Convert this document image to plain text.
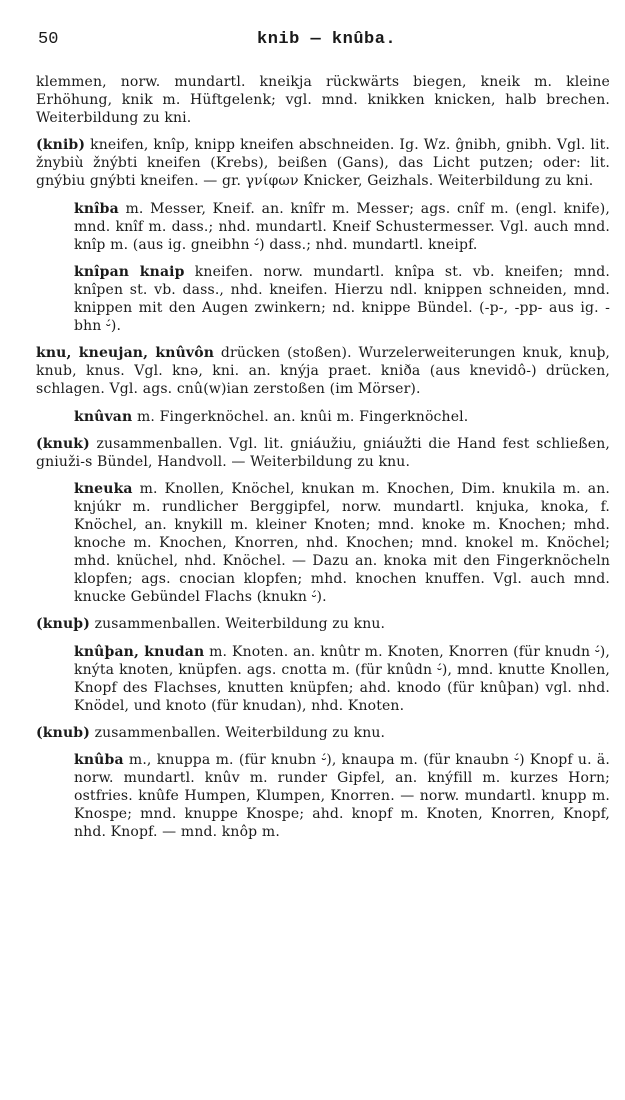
50	knib — knûba.

klemmen, norw. mundartl. kneikja rückwärts biegen, kneik m. kleine Erhöhung, knik m. Hüftgelenk; vgl. mnd. knikken knicken, halb brechen. Weiterbildung zu kni.

(knib) kneifen, knîp, knipp kneifen abschneiden. Ig. Wz. ĝnibh, gnibh. Vgl. lit. žnybiù žnýbti kneifen (Krebs), beißen (Gans), das Licht putzen; oder: lit. gnýbiu gnýbti kneifen. — gr. γνίφων Knicker, Geizhals. Weiterbildung zu kni.

knîba m. Messer, Kneif. an. knîfr m. Messer; ags. cnîf m. (engl. knife), mnd. knîf m. dass.; nhd. mundartl. Kneif Schustermesser. Vgl. auch mnd. knîp m. (aus ig. gneibhn ⏑́) dass.; nhd. mundartl. kneipf.

knîpan knaip kneifen. norw. mundartl. knîpa st. vb. kneifen; mnd. knîpen st. vb. dass., nhd. kneifen. Hierzu ndl. knippen schneiden, mnd. knippen mit den Augen zwinkern; nd. knippe Bündel. (-p-, -pp- aus ig. -bhn ⏑́).

knu, kneujan, knûvôn drücken (stoßen). Wurzelerweiterungen knuk, knuþ, knub, knus. Vgl. knə, kni. an. knýja praet. kniða (aus knevidô-) drücken, schlagen. Vgl. ags. cnû(w)ian zerstoßen (im Mörser).

knûvan m. Fingerknöchel. an. knûi m. Fingerknöchel.

(knuk) zusammenballen. Vgl. lit. gniáužiu, gniáužti die Hand fest schließen, gniuži-s Bündel, Handvoll. — Weiterbildung zu knu.

kneuka m. Knollen, Knöchel, knukan m. Knochen, Dim. knukila m. an. knjúkr m. rundlicher Berggipfel, norw. mundartl. knjuka, knoka, f. Knöchel, an. knykill m. kleiner Knoten; mnd. knoke m. Knochen; mhd. knoche m. Knochen, Knorren, nhd. Knochen; mnd. knokel m. Knöchel; mhd. knüchel, nhd. Knöchel. — Dazu an. knoka mit den Fingerknöcheln klopfen; ags. cnocian klopfen; mhd. knochen knuffen. Vgl. auch mnd. knucke Gebündel Flachs (knukn ⏑́).

(knuþ) zusammenballen. Weiterbildung zu knu.

knûþan, knudan m. Knoten. an. knûtr m. Knoten, Knorren (für knudn ⏑́), knýta knoten, knüpfen. ags. cnotta m. (für knûdn ⏑́), mnd. knutte Knollen, Knopf des Flachses, knutten knüpfen; ahd. knodo (für knûþan) vgl. nhd. Knödel, und knoto (für knudan), nhd. Knoten.

(knub) zusammenballen. Weiterbildung zu knu.

knûba m., knuppa m. (für knubn ⏑́), knaupa m. (für knaubn ⏑́) Knopf u. ä. norw. mundartl. knûv m. runder Gipfel, an. knýfill m. kurzes Horn; ostfries. knûfe Humpen, Klumpen, Knorren. — norw. mundartl. knupp m. Knospe; mnd. knuppe Knospe; ahd. knopf m. Knoten, Knorren, Knopf, nhd. Knopf. — mnd. knôp m.
